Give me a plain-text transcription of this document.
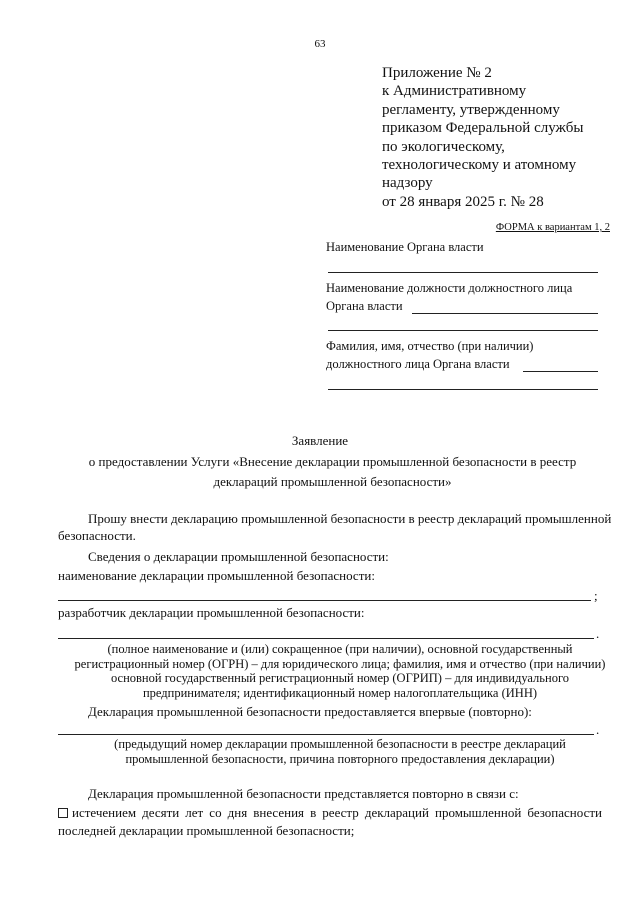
63
Приложение № 2
к Административному
регламенту, утвержденному
приказом Федеральной службы
по экологическому,
технологическому и атомному
надзору
от 28 января 2025 г. № 28
ФОРМА к вариантам 1, 2
Наименование Органа власти
Наименование должности должностного лица
Органа власти
Фамилия, имя, отчество (при наличии)
должностного лица Органа власти
Заявление
о предоставлении Услуги «Внесение декларации промышленной безопасности в реестр
деклараций промышленной безопасности»
Прошу внести декларацию промышленной безопасности в реестр деклараций промышленной
безопасности.
Сведения о декларации промышленной безопасности:
наименование декларации промышленной безопасности:
;
разработчик декларации промышленной безопасности:
.
(полное наименование и (или) сокращенное (при наличии), основной государственный
регистрационный номер (ОГРН) – для юридического лица; фамилия, имя и отчество (при наличии)
основной государственный регистрационный номер (ОГРИП) – для индивидуального
предпринимателя; идентификационный номер налогоплательщика (ИНН)
Декларация промышленной безопасности предоставляется впервые (повторно):
.
(предыдущий номер декларации промышленной безопасности в реестре деклараций
промышленной безопасности, причина повторного предоставления декларации)
Декларация промышленной безопасности представляется повторно в связи с:
истечением десяти лет со дня внесения в реестр деклараций промышленной безопасности
последней декларации промышленной безопасности;
